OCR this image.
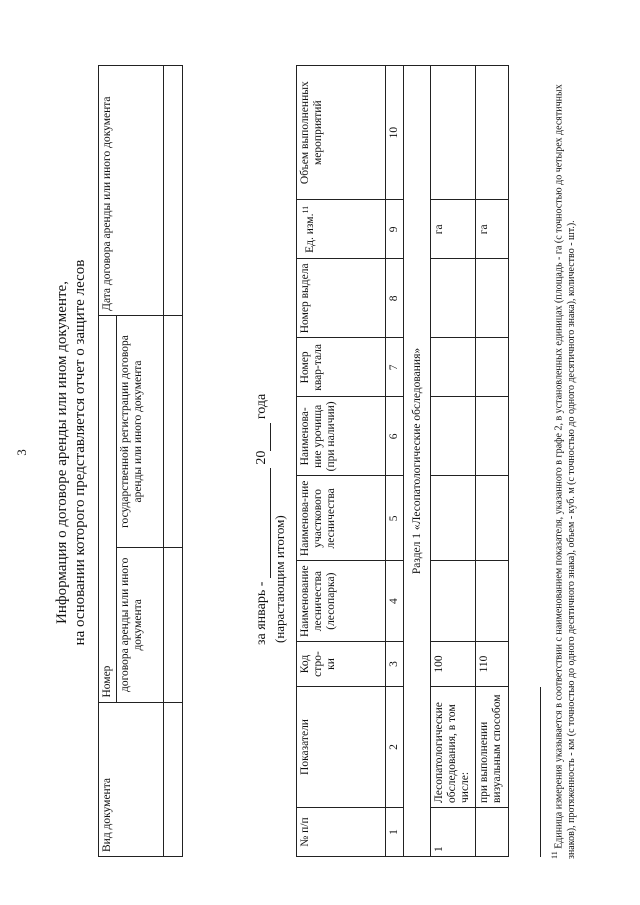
3 Информация о договоре аренды или ином документе, на основании которого представляется отчет о защите лесов
Вид документа	Номер		Дата договора аренды или иного документа
	договора аренды или иного документа	государственной регистрации договора аренды или иного документа	

за январь -   20  года
(нарастающим итогом)
№ п/п	Показатели	Код стро-ки	Наименование лесничества (лесопарка)	Наименова-ние участкового лесничества	Наименова-ние урочища (при наличии)	Номер квар-тала	Номер выдела	Ед. изм.$^{11}$	Объем выполненных мероприятий
1	2	3	4	5	6	7	8	9	10
Раздел 1 «Лесопатологические обследования»									
1	Лесопатологические обследования, в том числе:	100						га	
	при выполнении визуальным способом	110						га	
$^{11}$ Единица измерения указывается в соответствии с наименованием показателя, указанного в графе 2, в установленных единицах (площадь - га (с точностью до четырех десятичных знаков), протяженность - км (с точностью до одного десятичного знака), объем - куб. м (с точностью до одного десятичного знака), количество - шт.).
